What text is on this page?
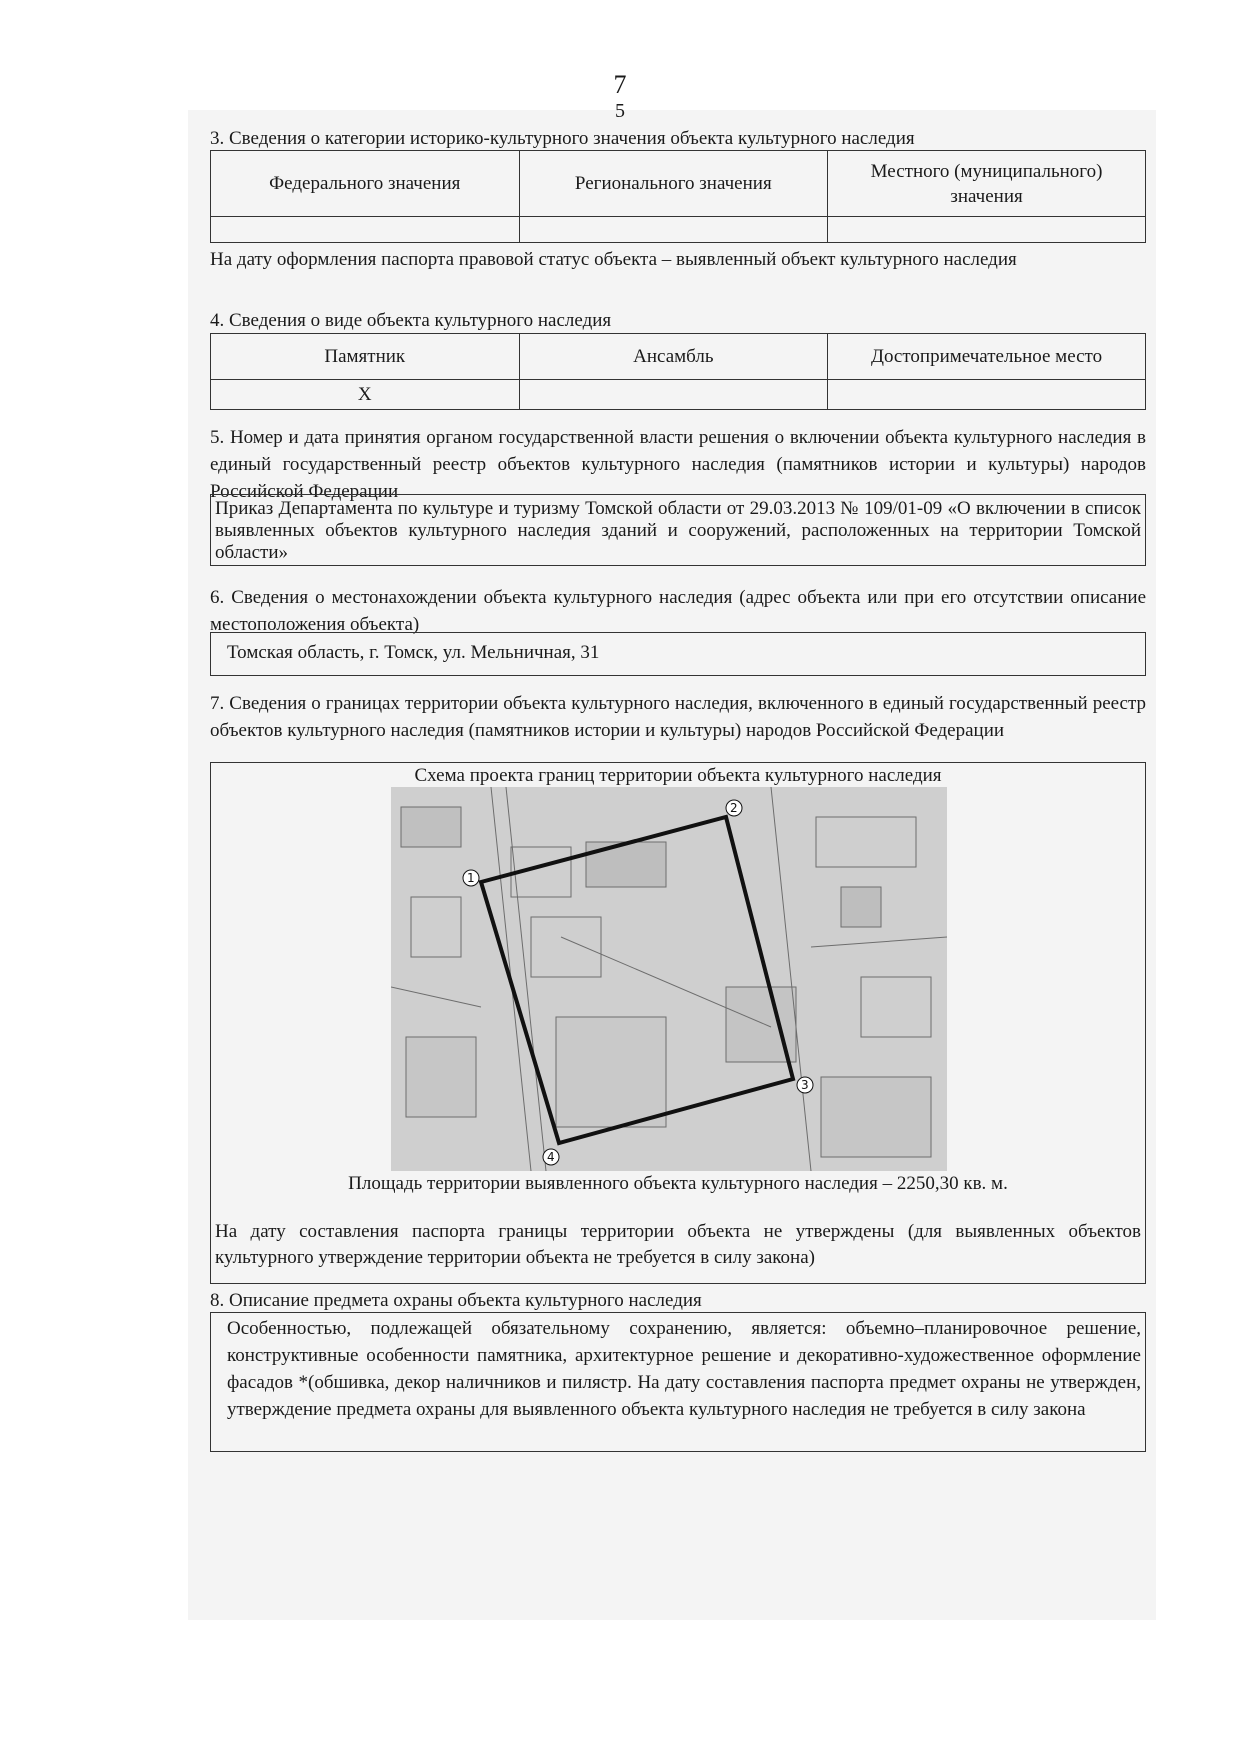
7
5
3. Сведения о категории историко-культурного значения объекта культурного наследия
Федерального значения	Регионального значения	Местного (муниципального) значения

На дату оформления паспорта правовой статус объекта – выявленный объект культурного наследия
4. Сведения о виде объекта культурного наследия
Памятник	Ансамбль	Достопримечательное место
X		
5. Номер и дата принятия органом государственной власти решения о включении объекта культурного наследия в единый государственный реестр объектов культурного наследия (памятников истории и культуры) народов Российской Федерации
Приказ Департамента по культуре и туризму Томской области от 29.03.2013 № 109/01-09 «О включении в список выявленных объектов культурного наследия зданий и сооружений, расположенных на территории Томской области»
6. Сведения о местонахождении объекта культурного наследия (адрес объекта или при его отсутствии описание местоположения объекта)
Томская область, г. Томск, ул. Мельничная, 31
7. Сведения о границах территории объекта культурного наследия, включенного в единый государственный реестр объектов культурного наследия (памятников истории и культуры) народов Российской Федерации
Схема проекта границ территории объекта культурного наследия
1
2
3
4
Площадь территории выявленного объекта культурного наследия – 2250,30 кв. м.
На дату составления паспорта границы территории объекта не утверждены (для выявленных объектов культурного утверждение территории объекта не требуется в силу закона)
8. Описание предмета охраны объекта культурного наследия
Особенностью, подлежащей обязательному сохранению, является: объемно–планировочное решение, конструктивные особенности памятника, архитектурное решение и декоративно-художественное оформление фасадов *(обшивка, декор наличников и пилястр. На дату составления паспорта предмет охраны не утвержден, утверждение предмета охраны для выявленного объекта культурного наследия не требуется в силу закона
